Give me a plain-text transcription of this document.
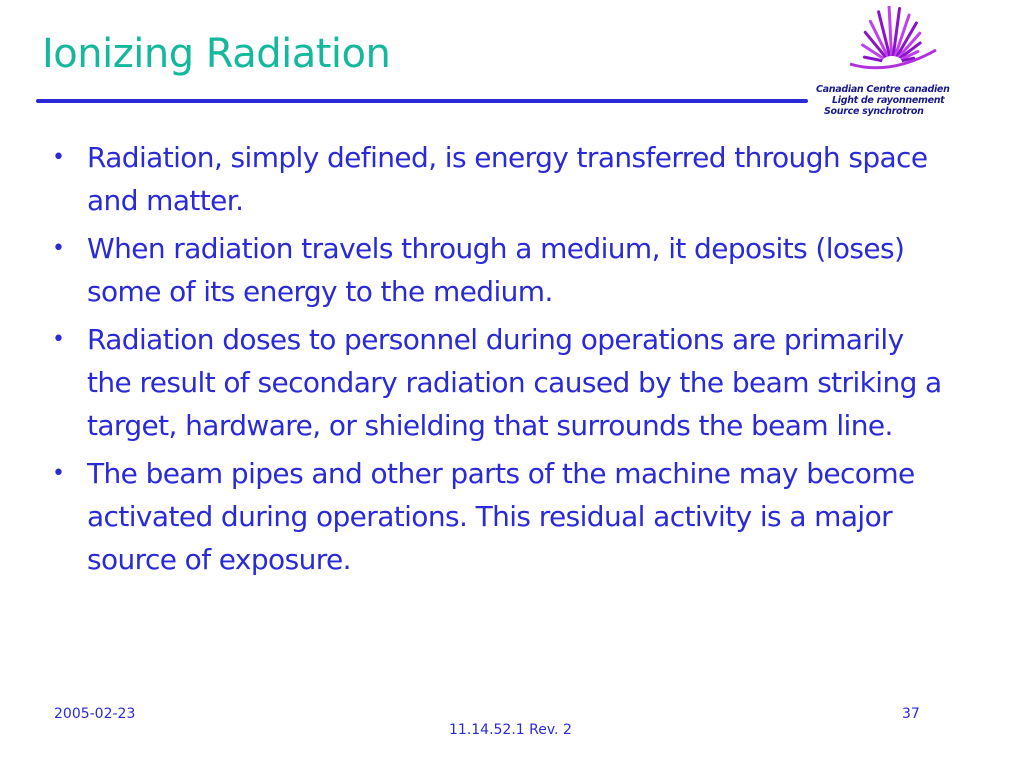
Ionizing Radiation
Canadian Centre canadien
Light de rayonnement
Source synchrotron
• Radiation, simply defined, is energy transferred through space and matter.
• When radiation travels through a medium, it deposits (loses) some of its energy to the medium.
• Radiation doses to personnel during operations are primarily the result of secondary radiation caused by the beam striking a target, hardware, or shielding that surrounds the beam line.
• The beam pipes and other parts of the machine may become activated during operations. This residual activity is a major source of exposure.
2005-02-23
11.14.52.1 Rev. 2
37
